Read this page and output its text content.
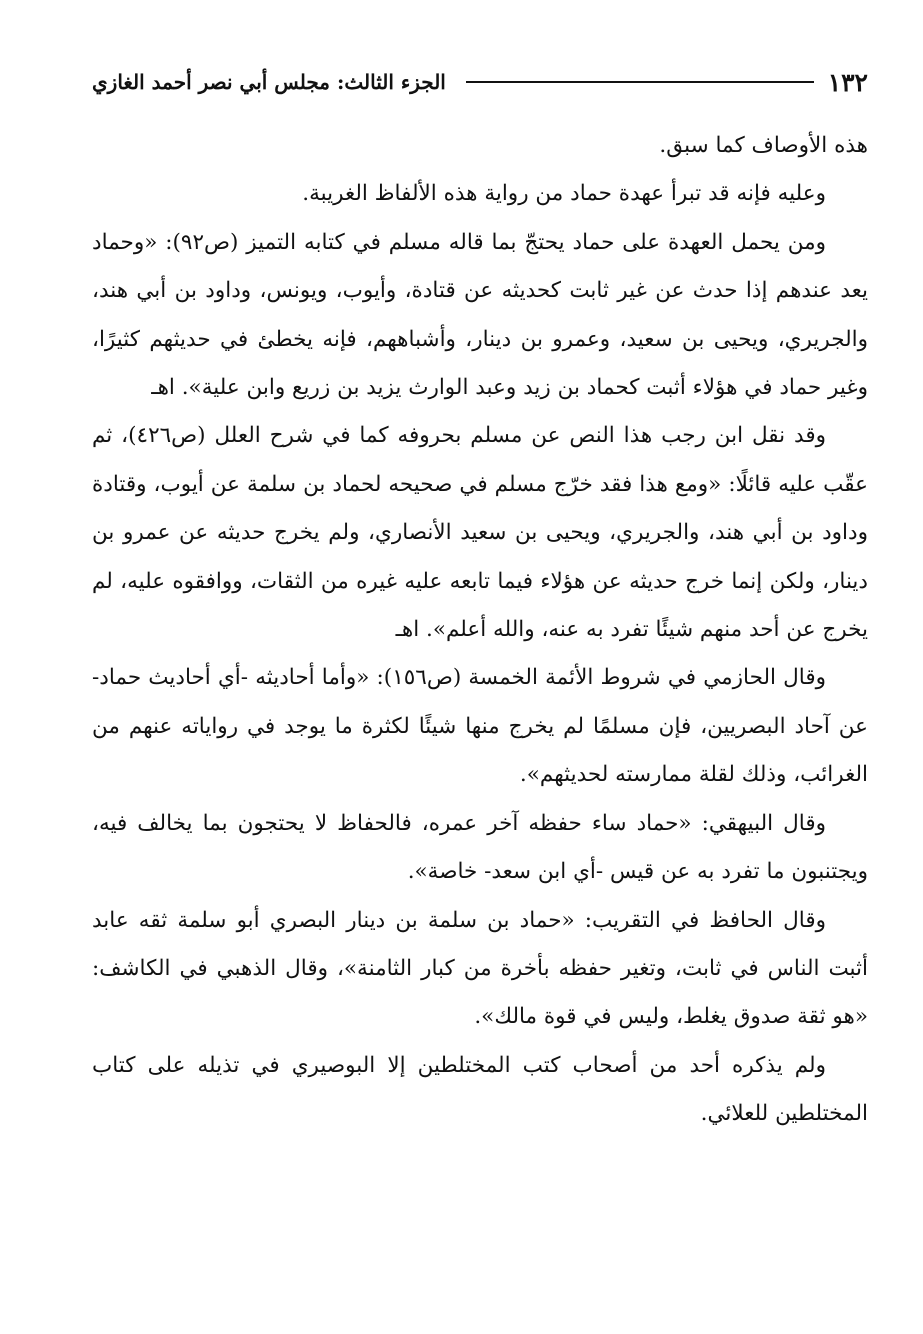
١٣٢
الجزء الثالث: مجلس أبي نصر أحمد الغازي

هذه الأوصاف كما سبق.

وعليه فإنه قد تبرأ عهدة حماد من رواية هذه الألفاظ الغريبة.

ومن يحمل العهدة على حماد يحتجّ بما قاله مسلم في كتابه التميز (ص٩٢): «وحماد يعد عندهم إذا حدث عن غير ثابت كحديثه عن قتادة، وأيوب، ويونس، وداود بن أبي هند، والجريري، ويحيى بن سعيد، وعمرو بن دينار، وأشباههم، فإنه يخطئ في حديثهم كثيرًا، وغير حماد في هؤلاء أثبت كحماد بن زيد وعبد الوارث يزيد بن زريع وابن علية». اهـ

وقد نقل ابن رجب هذا النص عن مسلم بحروفه كما في شرح العلل (ص٤٢٦)، ثم عقّب عليه قائلًا: «ومع هذا فقد خرّج مسلم في صحيحه لحماد بن سلمة عن أيوب، وقتادة وداود بن أبي هند، والجريري، ويحيى بن سعيد الأنصاري، ولم يخرج حديثه عن عمرو بن دينار، ولكن إنما خرج حديثه عن هؤلاء فيما تابعه عليه غيره من الثقات، ووافقوه عليه، لم يخرج عن أحد منهم شيئًا تفرد به عنه، والله أعلم». اهـ

وقال الحازمي في شروط الأئمة الخمسة (ص١٥٦): «وأما أحاديثه -أي أحاديث حماد- عن آحاد البصريين، فإن مسلمًا لم يخرج منها شيئًا لكثرة ما يوجد في رواياته عنهم من الغرائب، وذلك لقلة ممارسته لحديثهم».

وقال البيهقي: «حماد ساء حفظه آخر عمره، فالحفاظ لا يحتجون بما يخالف فيه، ويجتنبون ما تفرد به عن قيس -أي ابن سعد- خاصة».

وقال الحافظ في التقريب: «حماد بن سلمة بن دينار البصري أبو سلمة ثقه عابد أثبت الناس في ثابت، وتغير حفظه بأخرة من كبار الثامنة»، وقال الذهبي في الكاشف: «هو ثقة صدوق يغلط، وليس في قوة مالك».

ولم يذكره أحد من أصحاب كتب المختلطين إلا البوصيري في تذيله على كتاب المختلطين للعلائي.
